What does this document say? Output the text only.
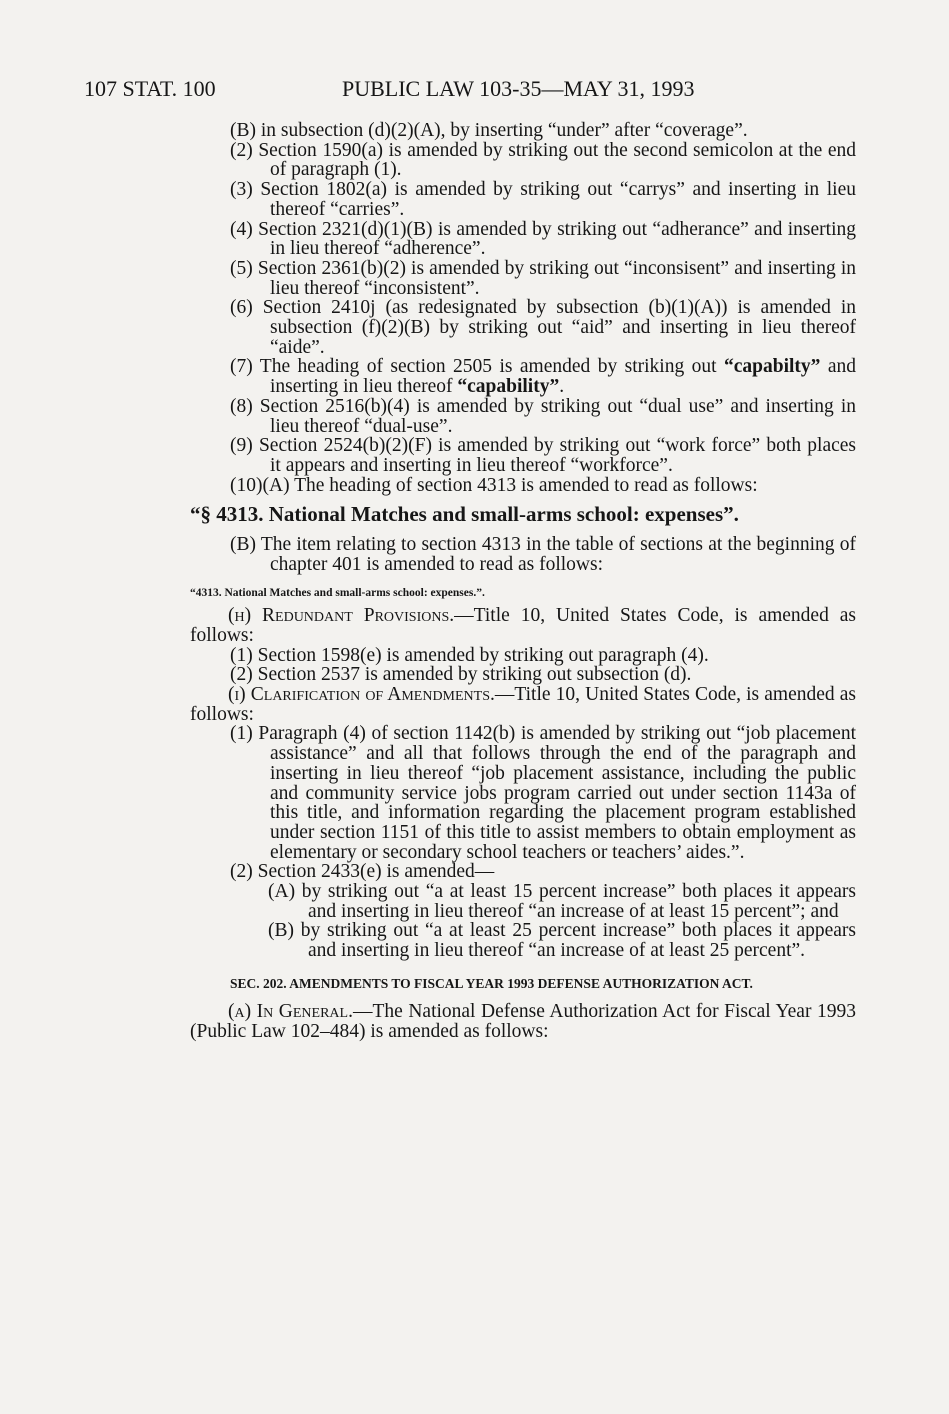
107 STAT. 100	PUBLIC LAW 103-35—MAY 31, 1993

(B) in subsection (d)(2)(A), by inserting “under” after “coverage”.

(2) Section 1590(a) is amended by striking out the second semicolon at the end of paragraph (1).

(3) Section 1802(a) is amended by striking out “carrys” and inserting in lieu thereof “carries”.

(4) Section 2321(d)(1)(B) is amended by striking out “adherance” and inserting in lieu thereof “adherence”.

(5) Section 2361(b)(2) is amended by striking out “inconsisent” and inserting in lieu thereof “inconsistent”.

(6) Section 2410j (as redesignated by subsection (b)(1)(A)) is amended in subsection (f)(2)(B) by striking out “aid” and inserting in lieu thereof “aide”.

(7) The heading of section 2505 is amended by striking out “capabilty” and inserting in lieu thereof “capability”.

(8) Section 2516(b)(4) is amended by striking out “dual use” and inserting in lieu thereof “dual-use”.

(9) Section 2524(b)(2)(F) is amended by striking out “work force” both places it appears and inserting in lieu thereof “workforce”.

(10)(A) The heading of section 4313 is amended to read as follows:

“§ 4313. National Matches and small-arms school: expenses”.

(B) The item relating to section 4313 in the table of sections at the beginning of chapter 401 is amended to read as follows:

“4313. National Matches and small-arms school: expenses.”.

(h) Redundant Provisions.—Title 10, United States Code, is amended as follows:

(1) Section 1598(e) is amended by striking out paragraph (4).

(2) Section 2537 is amended by striking out subsection (d).

(i) Clarification of Amendments.—Title 10, United States Code, is amended as follows:

(1) Paragraph (4) of section 1142(b) is amended by striking out “job placement assistance” and all that follows through the end of the paragraph and inserting in lieu thereof “job placement assistance, including the public and community service jobs program carried out under section 1143a of this title, and information regarding the placement program established under section 1151 of this title to assist members to obtain employment as elementary or secondary school teachers or teachers’ aides.”.

(2) Section 2433(e) is amended—

(A) by striking out “a at least 15 percent increase” both places it appears and inserting in lieu thereof “an increase of at least 15 percent”; and

(B) by striking out “a at least 25 percent increase” both places it appears and inserting in lieu thereof “an increase of at least 25 percent”.

SEC. 202. AMENDMENTS TO FISCAL YEAR 1993 DEFENSE AUTHORIZATION ACT.

(a) In General.—The National Defense Authorization Act for Fiscal Year 1993 (Public Law 102–484) is amended as follows:
